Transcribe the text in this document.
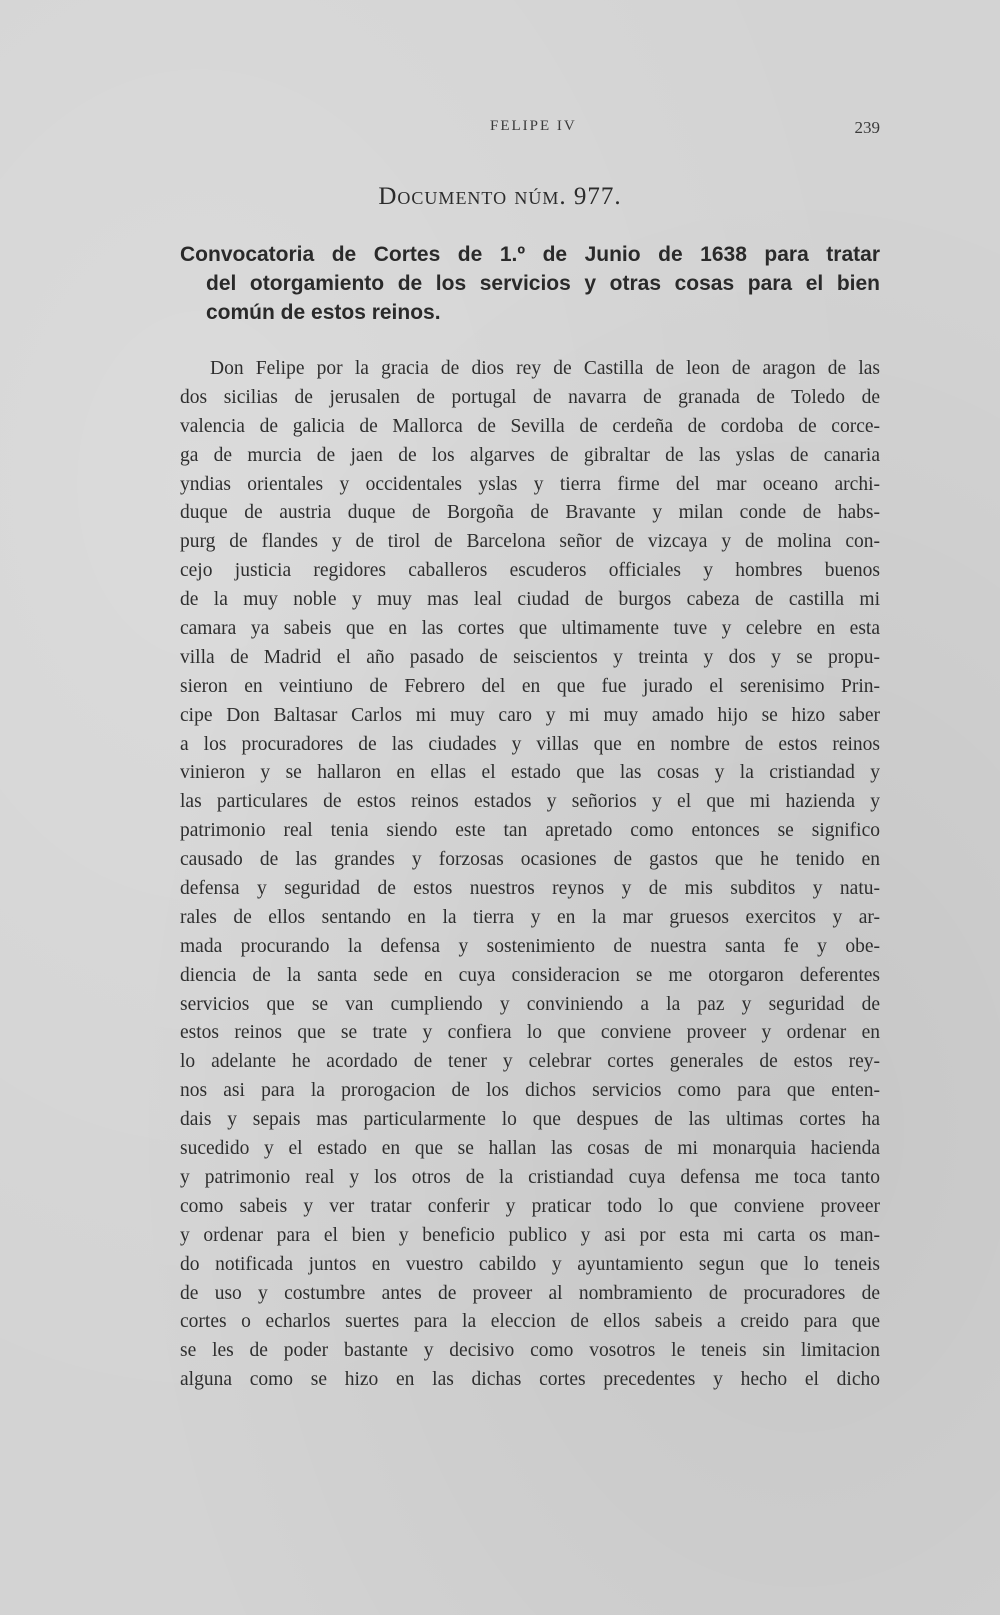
FELIPE IV	239
Documento núm. 977.
Convocatoria de Cortes de 1.º de Junio de 1638 para tratar
del otorgamiento de los servicios y otras cosas para el bien
común de estos reinos.
Don Felipe por la gracia de dios rey de Castilla de leon de aragon de las
dos sicilias de jerusalen de portugal de navarra de granada de Toledo de
valencia de galicia de Mallorca de Sevilla de cerdeña de cordoba de corce-
ga de murcia de jaen de los algarves de gibraltar de las yslas de canaria
yndias orientales y occidentales yslas y tierra firme del mar oceano archi-
duque de austria duque de Borgoña de Bravante y milan conde de habs-
purg de flandes y de tirol de Barcelona señor de vizcaya y de molina con-
cejo justicia regidores caballeros escuderos officiales y hombres buenos
de la muy noble y muy mas leal ciudad de burgos cabeza de castilla mi
camara ya sabeis que en las cortes que ultimamente tuve y celebre en esta
villa de Madrid el año pasado de seiscientos y treinta y dos y se propu-
sieron en veintiuno de Febrero del en que fue jurado el serenisimo Prin-
cipe Don Baltasar Carlos mi muy caro y mi muy amado hijo se hizo saber
a los procuradores de las ciudades y villas que en nombre de estos reinos
vinieron y se hallaron en ellas el estado que las cosas y la cristiandad y
las particulares de estos reinos estados y señorios y el que mi hazienda y
patrimonio real tenia siendo este tan apretado como entonces se significo
causado de las grandes y forzosas ocasiones de gastos que he tenido en
defensa y seguridad de estos nuestros reynos y de mis subditos y natu-
rales de ellos sentando en la tierra y en la mar gruesos exercitos y ar-
mada procurando la defensa y sostenimiento de nuestra santa fe y obe-
diencia de la santa sede en cuya consideracion se me otorgaron deferentes
servicios que se van cumpliendo y conviniendo a la paz y seguridad de
estos reinos que se trate y confiera lo que conviene proveer y ordenar en
lo adelante he acordado de tener y celebrar cortes generales de estos rey-
nos asi para la prorogacion de los dichos servicios como para que enten-
dais y sepais mas particularmente lo que despues de las ultimas cortes ha
sucedido y el estado en que se hallan las cosas de mi monarquia hacienda
y patrimonio real y los otros de la cristiandad cuya defensa me toca tanto
como sabeis y ver tratar conferir y praticar todo lo que conviene proveer
y ordenar para el bien y beneficio publico y asi por esta mi carta os man-
do notificada juntos en vuestro cabildo y ayuntamiento segun que lo teneis
de uso y costumbre antes de proveer al nombramiento de procuradores de
cortes o echarlos suertes para la eleccion de ellos sabeis a creido para que
se les de poder bastante y decisivo como vosotros le teneis sin limitacion
alguna como se hizo en las dichas cortes precedentes y hecho el dicho
